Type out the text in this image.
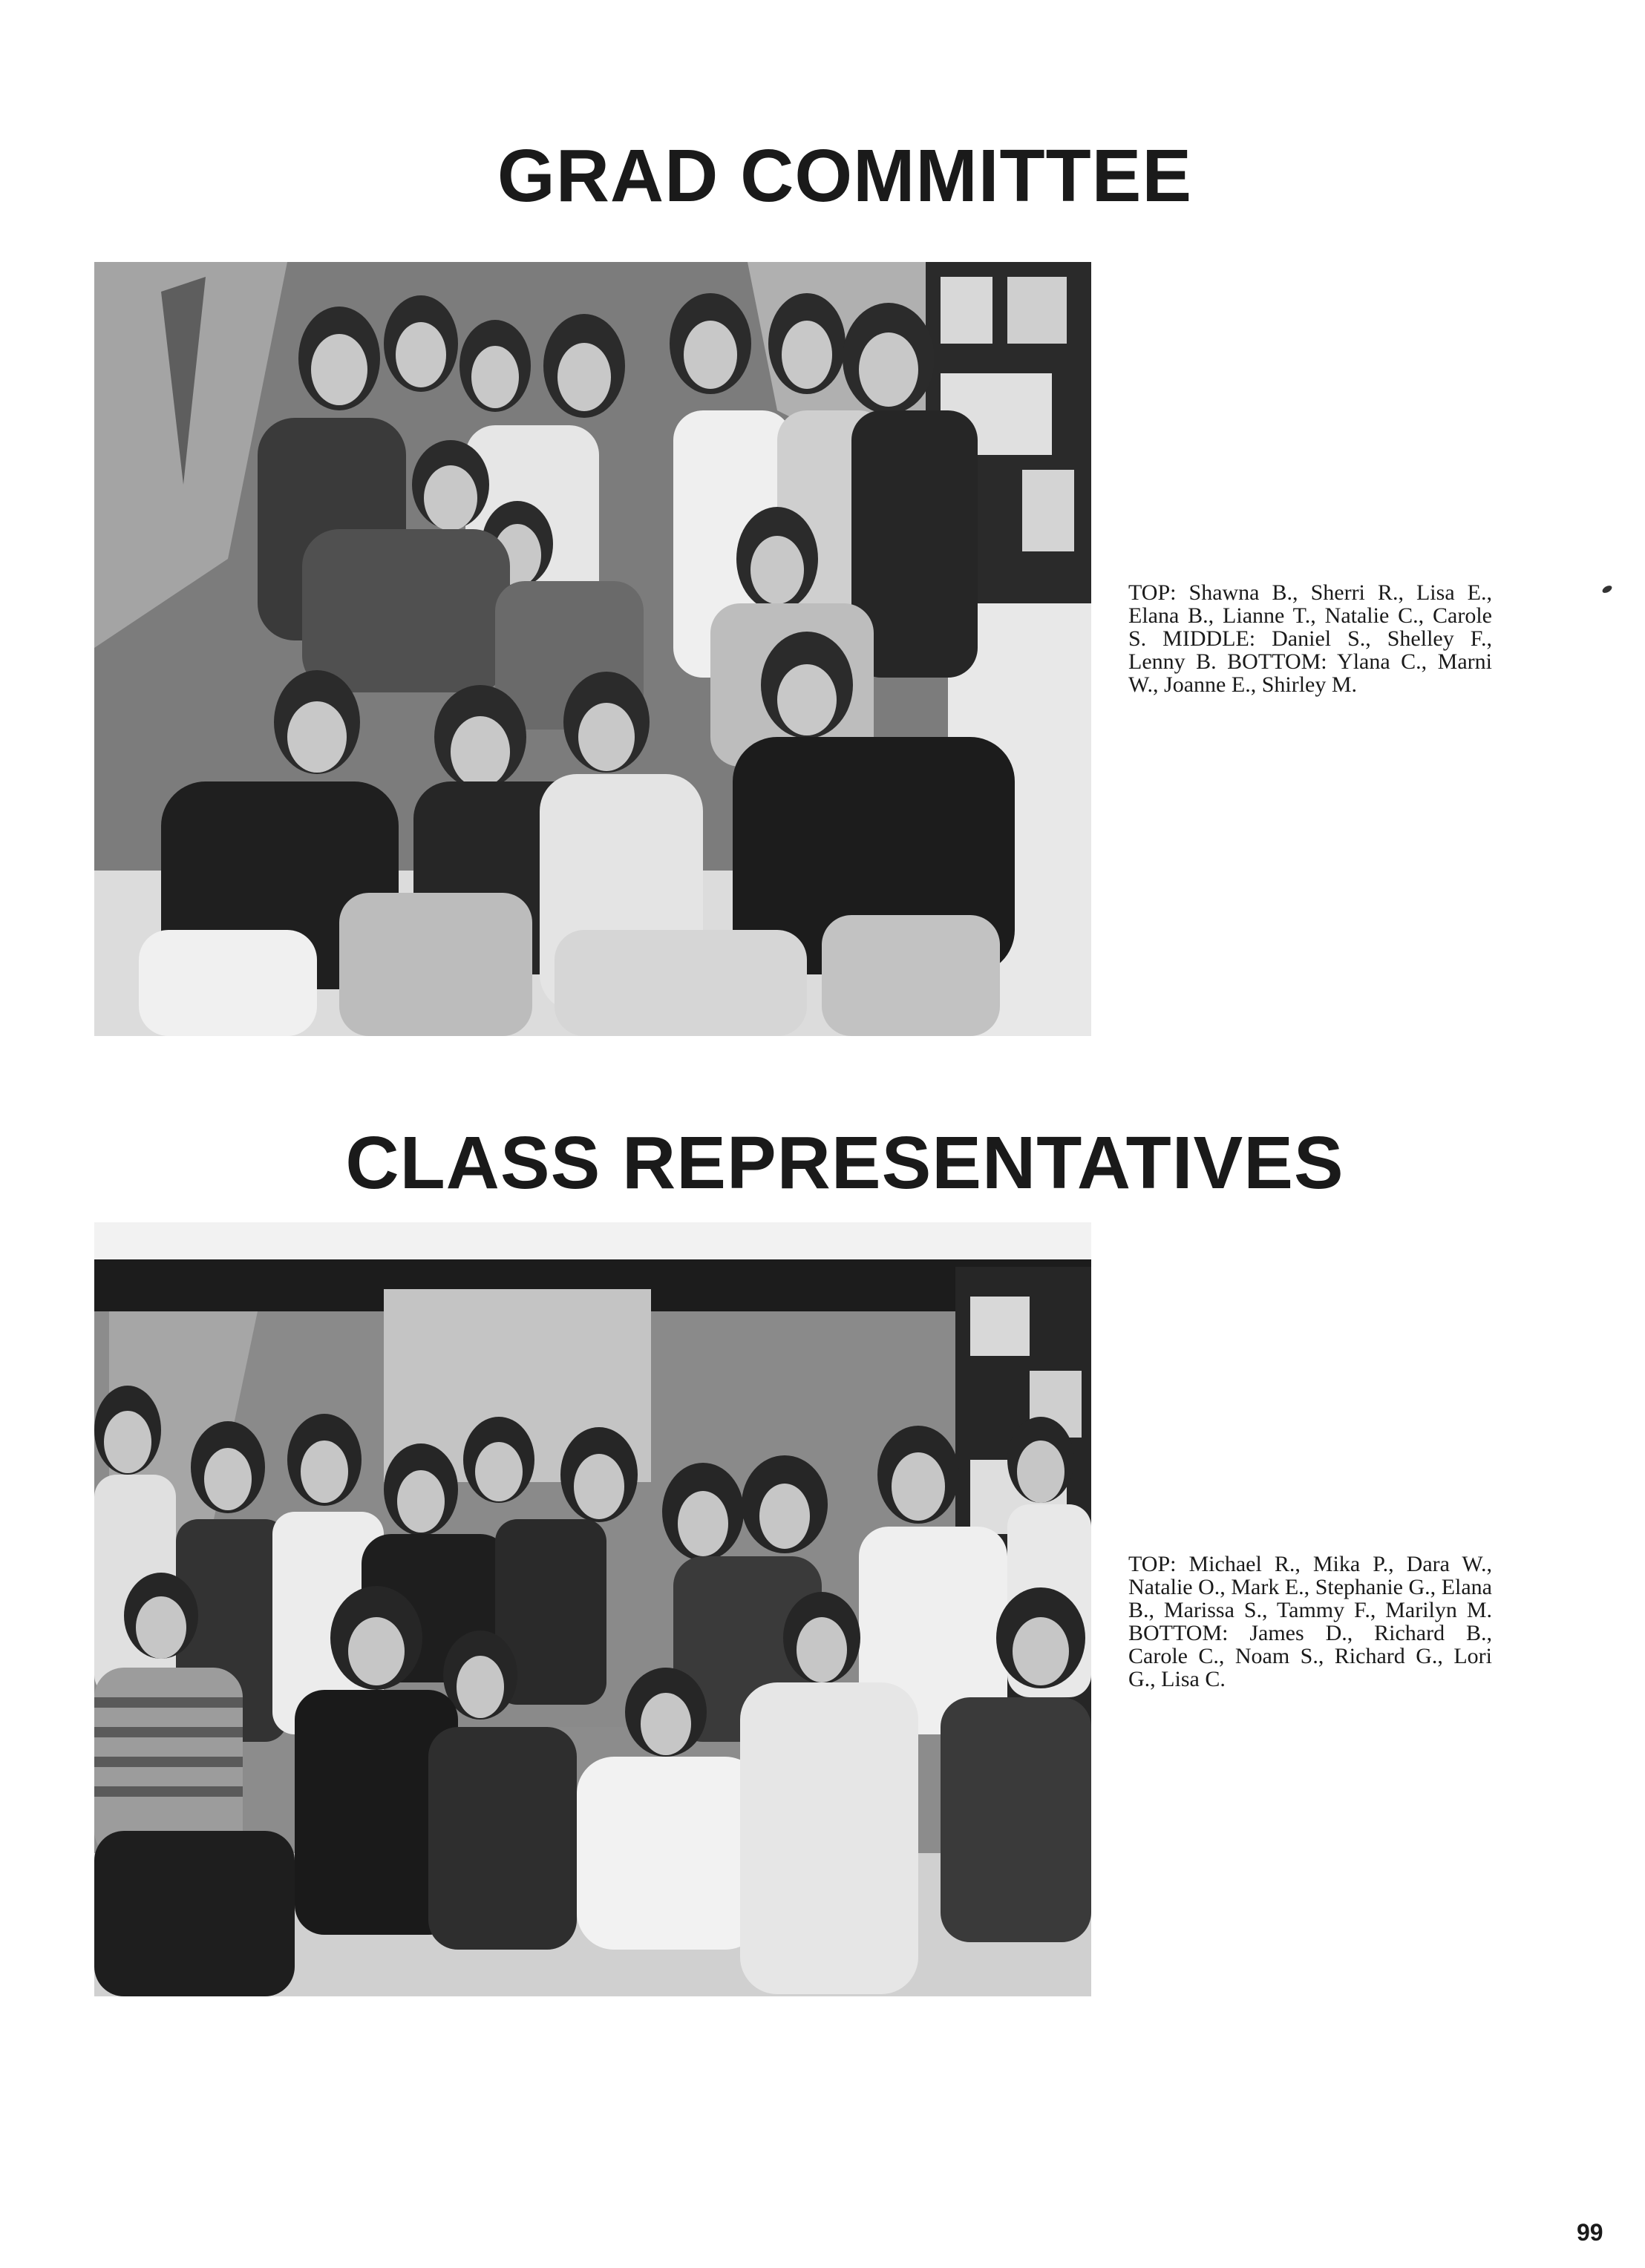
GRAD COMMITTEE

TOP: Shawna B., Sherri R., Lisa E., Elana B., Lianne T., Natalie C., Carole S. MIDDLE: Daniel S., Shelley F., Lenny B. BOTTOM: Ylana C., Marni W., Joanne E., Shirley M.

CLASS REPRESENTATIVES

TOP: Michael R., Mika P., Dara W., Natalie O., Mark E., Stephanie G., Elana B., Marissa S., Tammy F., Marilyn M. BOTTOM: James D., Richard B., Carole C., Noam S., Richard G., Lori G., Lisa C.

99
